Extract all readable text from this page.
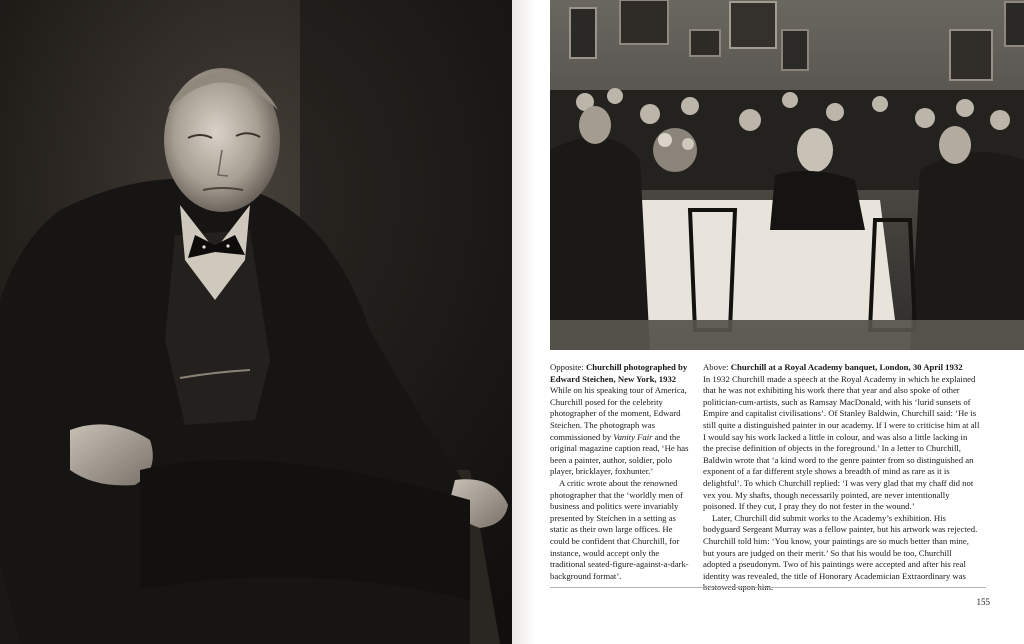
Opposite: Churchill photographed by Edward Steichen, New York, 1932

While on his speaking tour of America, Churchill posed for the celebrity photographer of the moment, Edward Steichen. The photograph was commissioned by Vanity Fair and the original magazine caption read, ‘He has been a painter, author, soldier, polo player, bricklayer, foxhunter.’

A critic wrote about the renowned photographer that the ‘worldly men of business and politics were invariably presented by Steichen in a setting as static as their own large offices. He could be confident that Churchill, for instance, would accept only the traditional seated-figure-against-a-dark-background format’.

Above: Churchill at a Royal Academy banquet, London, 30 April 1932

In 1932 Churchill made a speech at the Royal Academy in which he explained that he was not exhibiting his work there that year and also spoke of other politician-cum-artists, such as Ramsay MacDonald, with his ‘lurid sunsets of Empire and capitalist civilisations’. Of Stanley Baldwin, Churchill said: ‘He is still quite a distinguished painter in our academy. If I were to criticise him at all I would say his work lacked a little in colour, and was also a little lacking in the precise definition of objects in the foreground.’ In a letter to Churchill, Baldwin wrote that ‘a kind word to the genre painter from so distinguished an exponent of a far different style shows a breadth of mind as rare as it is delightful’. To which Churchill replied: ‘I was very glad that my chaff did not vex you. My shafts, though necessarily pointed, are never intentionally poisoned. If they cut, I pray they do not fester in the wound.’

Later, Churchill did submit works to the Academy’s exhibition. His bodyguard Sergeant Murray was a fellow painter, but his artwork was rejected. Churchill told him: ‘You know, your paintings are so much better than mine, but yours are judged on their merit.’ So that his would be too, Churchill adopted a pseudonym. Two of his paintings were accepted and after his real identity was revealed, the title of Honorary Academician Extraordinary was bestowed upon him.

155
